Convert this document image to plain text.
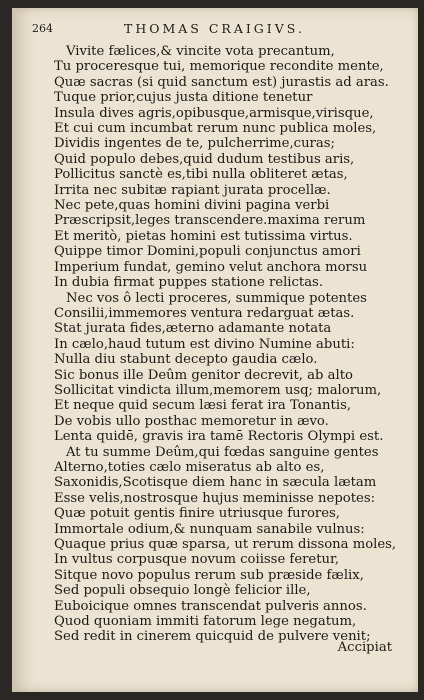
264	THOMAS CRAIGIVS.
Vivite fælices,& vincite vota precantum,
Tu proceresque tui, memorique recondite mente,
Quæ sacras (si quid sanctum est) jurastis ad aras.
Tuque prior,cujus justa ditione tenetur
Insula dives agris,opibusque,armisque,virisque,
Et cui cum incumbat rerum nunc publica moles,
Dividis ingentes de te, pulcherrime,curas;
Quid populo debes,quid dudum testibus aris,
Pollicitus sanctè es,tibi nulla obliteret ætas,
Irrita nec subitæ rapiant jurata procellæ.
Nec pete,quas homini divini pagina verbi
Præscripsit,leges transcendere.maxima rerum
Et meritò, pietas homini est tutissima virtus.
Quippe timor Domini,populi conjunctus amori
Imperium fundat, gemino velut anchora morsu
In dubia firmat puppes statione relictas.
Nec vos ô lecti proceres, summique potentes
Consilii,immemores ventura redarguat ætas.
Stat jurata fides,æterno adamante notata
In cælo,haud tutum est divino Numine abuti:
Nulla diu stabunt decepto gaudia cælo.
Sic bonus ille Deûm genitor decrevit, ab alto
Sollicitat vindicta illum,memorem usq; malorum,
Et neque quid secum læsi ferat ira Tonantis,
De vobis ullo posthac memoretur in ævo.
Lenta quidē, gravis ira tamē Rectoris Olympi est.
At tu summe Deûm,qui fœdas sanguine gentes
Alterno,toties cælo miseratus ab alto es,
Saxonidis,Scotisque diem hanc in sæcula lætam
Esse velis,nostrosque hujus meminisse nepotes:
Quæ potuit gentis finire utriusque furores,
Immortale odium,& nunquam sanabile vulnus:
Quaque prius quæ sparsa, ut rerum dissona moles,
In vultus corpusque novum coiisse feretur,
Sitque novo populus rerum sub præside fælix,
Sed populi obsequio longè felicior ille,
Euboicique omnes transcendat pulveris annos.
Quod quoniam immiti fatorum lege negatum,
Sed redit in cinerem quicquid de pulvere venit;
Accipiat
